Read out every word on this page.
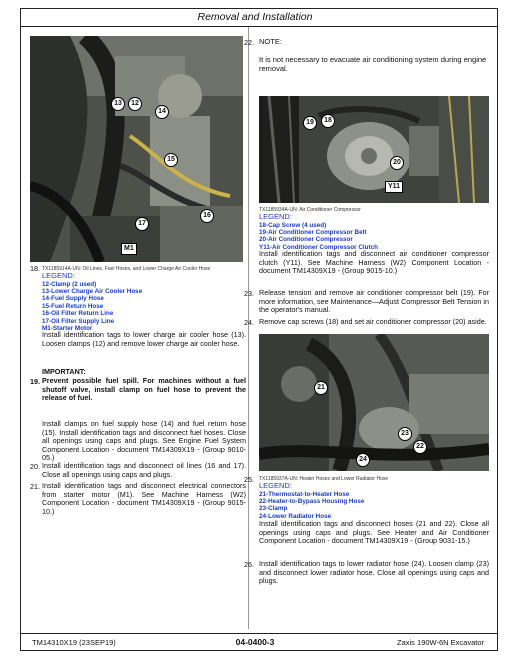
Removal and Installation
13	12
14
15
16
17
M1
TX1185914A-UN: Oil Lines, Fuel Hoses, and Lower Charge Air Cooler Hose
18.
LEGEND:
12-Clamp (2 used)
13-Lower Charge Air Cooler Hose
14-Fuel Supply Hose
15-Fuel Return Hose
16-Oil Filter Return Line
17-Oil Filter Supply Line
M1-Starter Motor
Install identification tags to lower charge air cooler hose (13). Loosen clamps (12) and remove lower charge air cooler hose.
IMPORTANT:
19. Prevent possible fuel spill. For machines without a fuel shutoff valve, install clamp on fuel hose to prevent the release of fuel.
Install clamps on fuel supply hose (14) and fuel return hose (15). Install identification tags and disconnect fuel hoses. Close all openings using caps and plugs. See Engine Fuel System Component Location - document TM14309X19 - (Group 9010-05.)
20. Install identification tags and disconnect oil lines (16 and 17). Close all openings using caps and plugs.
21. Install identification tags and disconnect electrical connectors from starter motor (M1). See Machine Harness (W2) Component Location - document TM14309X19 - (Group 9015-10.)
22. NOTE:
It is not necessary to evacuate air conditioning system during engine removal.
19	18
20
Y11
TX1185934A-UN: Air Conditioner Compressor
LEGEND:
18-Cap Screw (4 used)
19-Air Conditioner Compressor Belt
20-Air Conditioner Compressor
Y11-Air Conditioner Compressor Clutch
Install identification tags and disconnect air conditioner compressor clutch (Y11). See Machine Harness (W2) Component Location - document TM14309X19 - (Group 9015-10.)
23. Release tension and remove air conditioner compressor belt (19). For more information, see Maintenance—Adjust Compressor Belt Tension in the operator's manual.
24. Remove cap screws (18) and set air conditioner compressor (20) aside.
21
23
22
24
25. TX1185937A-UN: Heater Hoses and Lower Radiator Hose
LEGEND:
21-Thermostat-to-Heater Hose
22-Heater-to-Bypass Housing Hose
23-Clamp
24-Lower Radiator Hose
Install identification tags and disconnect hoses (21 and 22). Close all openings using caps and plugs. See Heater and Air Conditioner Component Location - document TM14309X19 - (Group 9031-15.)
26. Install identification tags to lower radiator hose (24). Loosen clamp (23) and disconnect lower radiator hose. Close all openings using caps and plugs.
TM14310X19 (23SEP19)	04-0400-3	Zaxis 190W-6N Excavator
